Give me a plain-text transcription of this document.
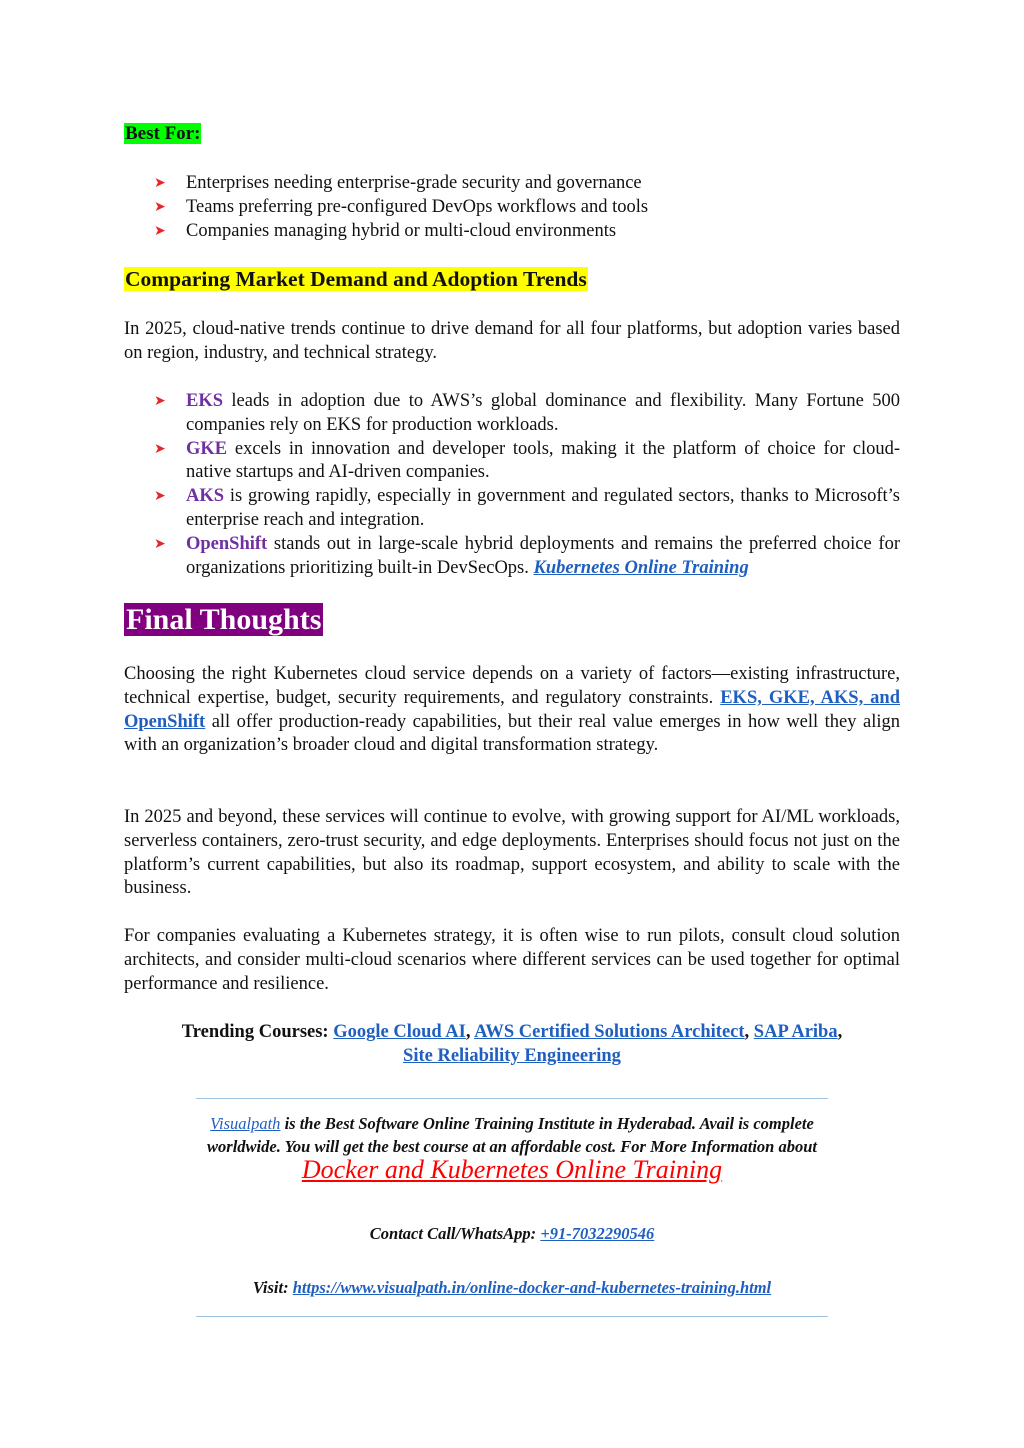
Best For:
➤ Enterprises needing enterprise-grade security and governance
➤ Teams preferring pre-configured DevOps workflows and tools
➤ Companies managing hybrid or multi-cloud environments
Comparing Market Demand and Adoption Trends

In 2025, cloud-native trends continue to drive demand for all four platforms, but adoption varies based on region, industry, and technical strategy.

➤ EKS leads in adoption due to AWS’s global dominance and flexibility. Many Fortune 500 companies rely on EKS for production workloads.
➤ GKE excels in innovation and developer tools, making it the platform of choice for cloud-native startups and AI-driven companies.
➤ AKS is growing rapidly, especially in government and regulated sectors, thanks to Microsoft’s enterprise reach and integration.
➤ OpenShift stands out in large-scale hybrid deployments and remains the preferred choice for organizations prioritizing built-in DevSecOps. Kubernetes Online Training
Final Thoughts

Choosing the right Kubernetes cloud service depends on a variety of factors—existing infrastructure, technical expertise, budget, security requirements, and regulatory constraints. EKS, GKE, AKS, and OpenShift all offer production-ready capabilities, but their real value emerges in how well they align with an organization’s broader cloud and digital transformation strategy.

In 2025 and beyond, these services will continue to evolve, with growing support for AI/ML workloads, serverless containers, zero-trust security, and edge deployments. Enterprises should focus not just on the platform’s current capabilities, but also its roadmap, support ecosystem, and ability to scale with the business.

For companies evaluating a Kubernetes strategy, it is often wise to run pilots, consult cloud solution architects, and consider multi-cloud scenarios where different services can be used together for optimal performance and resilience.

Trending Courses: Google Cloud AI, AWS Certified Solutions Architect, SAP Ariba,
Site Reliability Engineering
Visualpath is the Best Software Online Training Institute in Hyderabad. Avail is complete worldwide. You will get the best course at an affordable cost. For More Information about Docker and Kubernetes Online Training
Contact Call/WhatsApp: +91-7032290546
Visit: https://www.visualpath.in/online-docker-and-kubernetes-training.html
